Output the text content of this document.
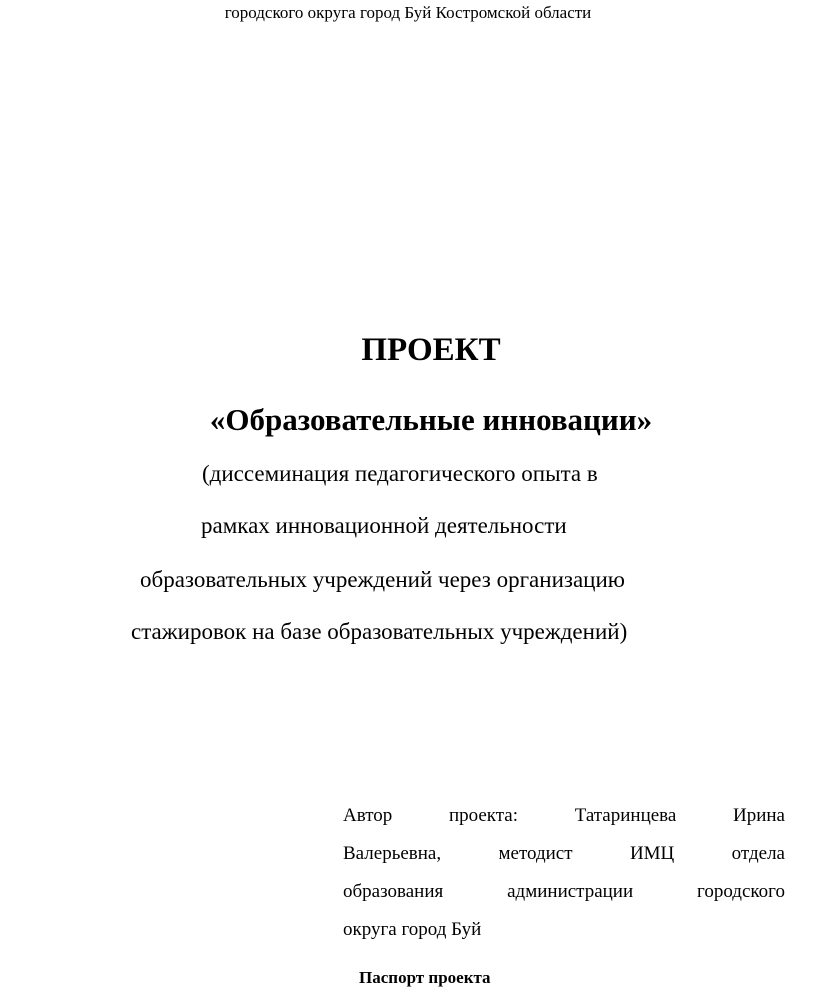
городского округа город Буй Костромской области
ПРОЕКТ
«Образовательные инновации»
(диссеминация педагогического опыта в
рамках инновационной деятельности
образовательных учреждений через организацию
стажировок на базе образовательных учреждений)
Автор	проекта:	Татаринцева	Ирина
Валерьевна,	методист	ИМЦ	отдела
образования	администрации	городского
округа город Буй
Паспорт проекта
